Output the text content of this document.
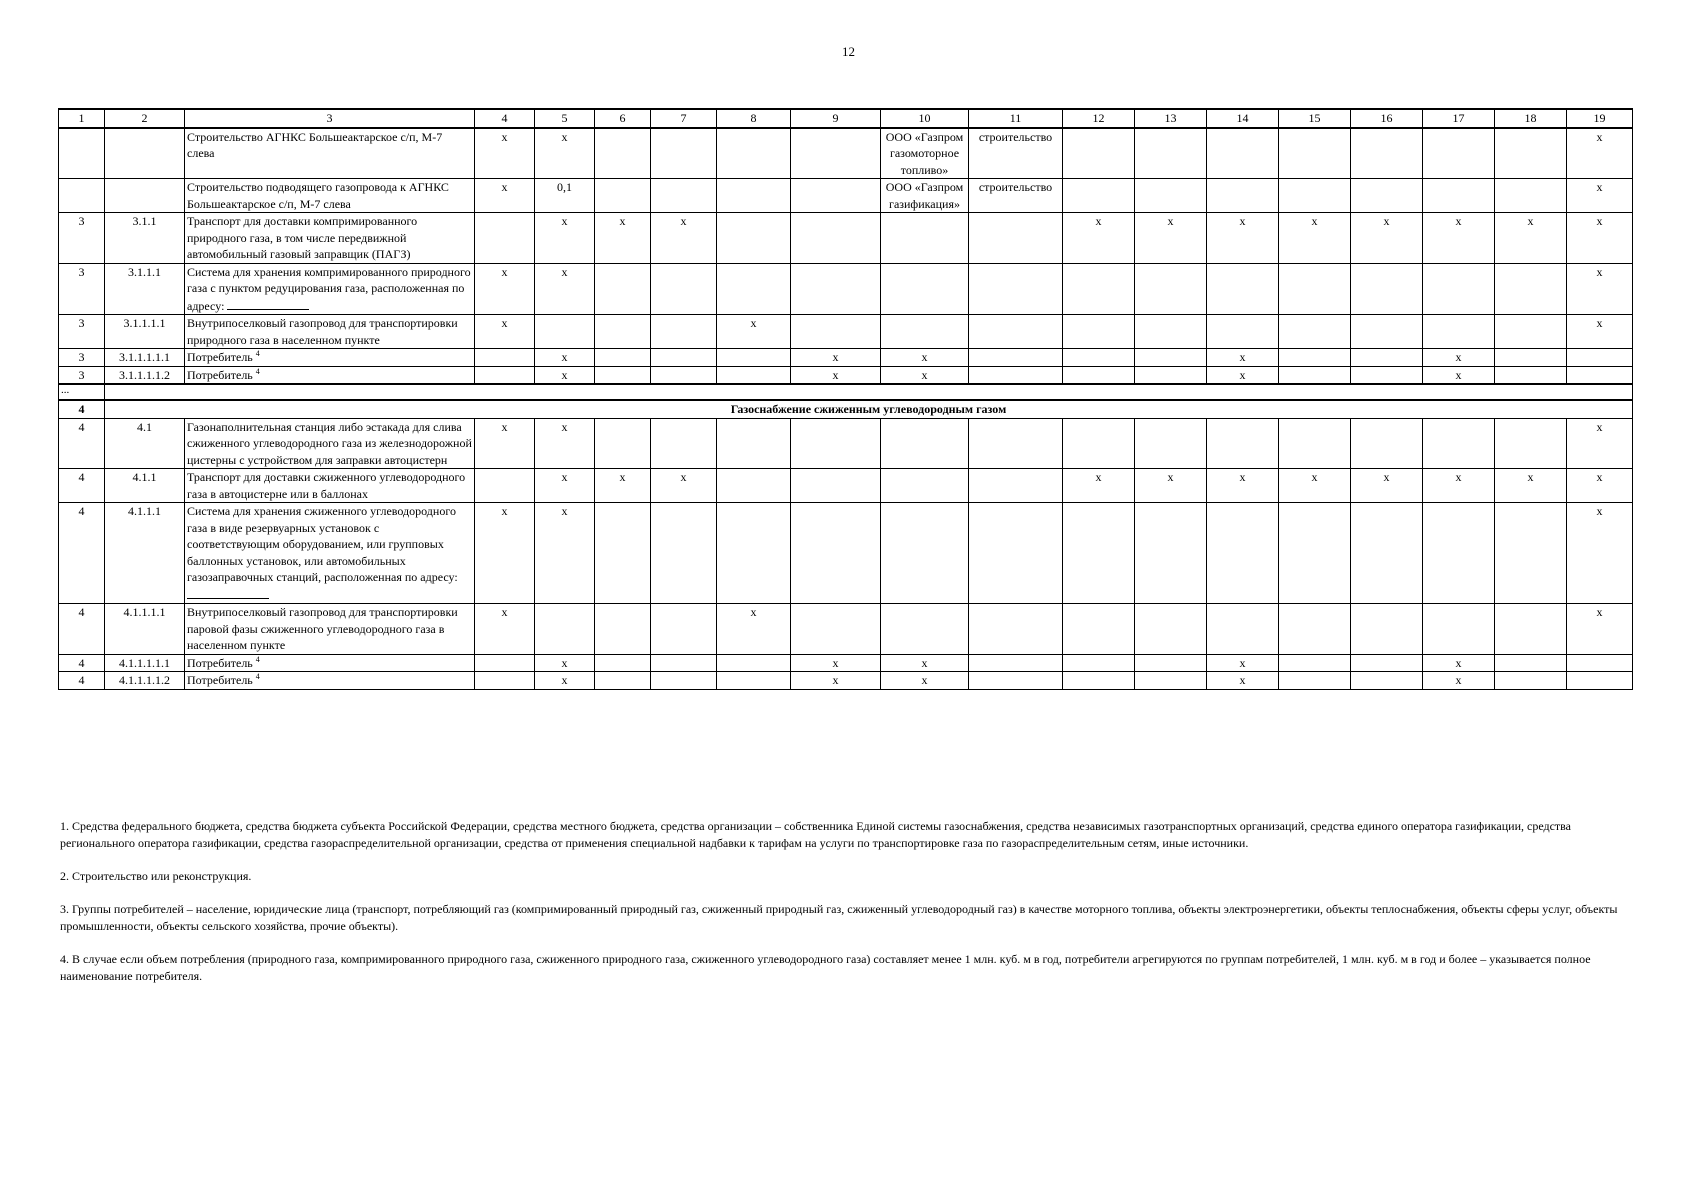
12
1	2	3	4	5	6	7	8	9	10	11	12	13	14	15	16	17	18	19
		Строительство АГНКС Большеактарское с/п, М-7 слева	x	x					ООО «Газпром газомоторное топливо»	строительство								x
		Строительство подводящего газопровода к АГНКС Большеактарское с/п, М-7 слева	x	0,1					ООО «Газпром газификация»	строительство								x
3	3.1.1	Транспорт для доставки компримированного природного газа, в том числе передвижной автомобильный газовый заправщик (ПАГЗ)		x	x	x					x	x	x	x	x	x	x	x
3	3.1.1.1	Система для хранения компримированного природного газа с пунктом редуцирования газа, расположенная по адресу:	x	x														x
3	3.1.1.1.1	Внутрипоселковый газопровод для транспортировки природного газа в населенном пункте	x				x											x
3	3.1.1.1.1.1	Потребитель $^4$		x				x	x				x			x		
3	3.1.1.1.1.2	Потребитель $^4$		x				x	x				x			x		
...																		
4	Газоснабжение сжиженным углеводородным газом																	
4	4.1	Газонаполнительная станция либо эстакада для слива сжиженного углеводородного газа из железнодорожной цистерны с устройством для заправки автоцистерн	x	x														x
4	4.1.1	Транспорт для доставки сжиженного углеводородного газа в автоцистерне или в баллонах		x	x	x					x	x	x	x	x	x	x	x
4	4.1.1.1	Система для хранения сжиженного углеводородного газа в виде резервуарных установок с соответствующим оборудованием, или групповых баллонных установок, или автомобильных газозаправочных станций, расположенная по адресу:	x	x														x
4	4.1.1.1.1	Внутрипоселковый газопровод для транспортировки паровой фазы сжиженного углеводородного газа в населенном пункте	x				x											x
4	4.1.1.1.1.1	Потребитель $^4$		x				x	x				x			x		
4	4.1.1.1.1.2	Потребитель $^4$		x				x	x				x			x		

1. Средства федерального бюджета, средства бюджета субъекта Российской Федерации, средства местного бюджета, средства организации – собственника Единой системы газоснабжения, средства независимых газотранспортных организаций, средства единого оператора газификации, средства регионального оператора газификации, средства газораспределительной организации, средства от применения специальной надбавки к тарифам на услуги по транспортировке газа по газораспределительным сетям, иные источники.

2. Строительство или реконструкция.

3. Группы потребителей – население, юридические лица (транспорт, потребляющий газ (компримированный природный газ, сжиженный природный газ, сжиженный углеводородный газ) в качестве моторного топлива, объекты электроэнергетики, объекты теплоснабжения, объекты сферы услуг, объекты промышленности, объекты сельского хозяйства, прочие объекты).

4. В случае если объем потребления (природного газа, компримированного природного газа, сжиженного природного газа, сжиженного углеводородного газа) составляет менее 1 млн. куб. м в год, потребители агрегируются по группам потребителей, 1 млн. куб. м в год и более – указывается полное наименование потребителя.
